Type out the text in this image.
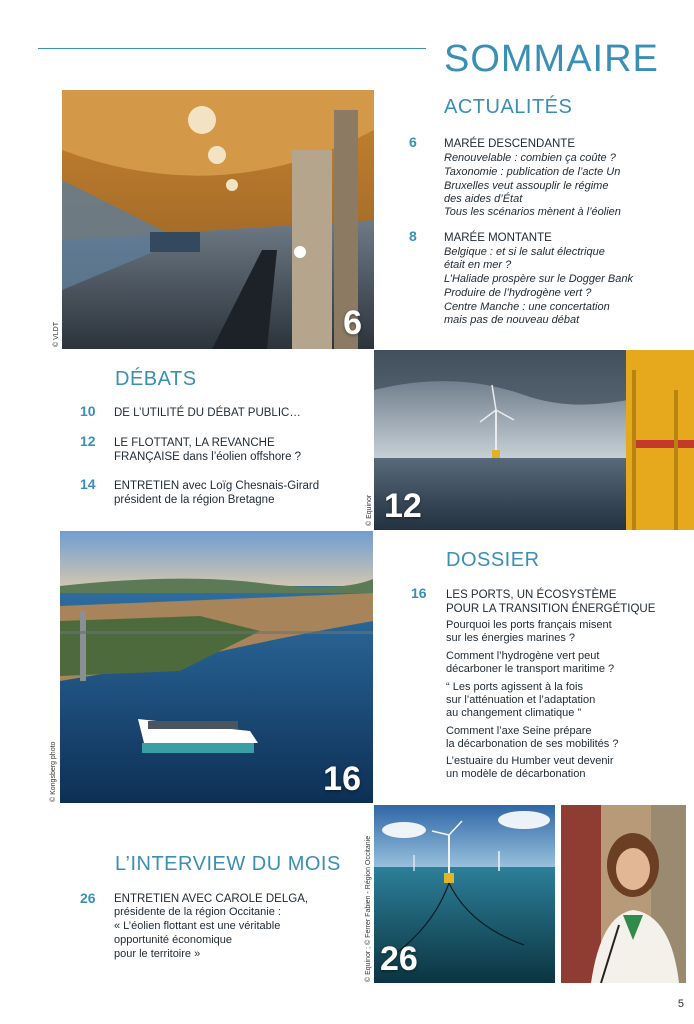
SOMMAIRE
6
© VLDT
ACTUALITÉS
6 MARÉE DESCENDANTE
Renouvelable : combien ça coûte ?
Taxonomie : publication de l’acte Un
Bruxelles veut assouplir le régime
des aides d’État
Tous les scénarios mènent à l’éolien
8 MARÉE MONTANTE
Belgique : et si le salut électrique
était en mer ?
L’Haliade prospère sur le Dogger Bank
Produire de l’hydrogène vert ?
Centre Manche : une concertation
mais pas de nouveau débat
DÉBATS
10 DE L’UTILITÉ DU DÉBAT PUBLIC…
12 LE FLOTTANT, LA REVANCHE
FRANÇAISE dans l’éolien offshore ?
14 ENTRETIEN avec Loïg Chesnais-Girard
président de la région Bretagne	12
© Equinor
16
© Kongsberg photo
DOSSIER
16 LES PORTS, UN ÉCOSYSTÈME
POUR LA TRANSITION ÉNERGÉTIQUE
Pourquoi les ports français misent
sur les énergies marines ?
Comment l’hydrogène vert peut
décarboner le transport maritime ?
“ Les ports agissent à la fois
sur l’atténuation et l’adaptation
au changement climatique ”
Comment l’axe Seine prépare
la décarbonation de ses mobilités ?
L’estuaire du Humber veut devenir
un modèle de décarbonation
L’INTERVIEW DU MOIS
26 ENTRETIEN AVEC CAROLE DELGA,
présidente de la région Occitanie :
« L’éolien flottant est une véritable
opportunité économique
pour le territoire »	26
© Equinor ; © Ferrer Fabien - Région Occitanie
5
